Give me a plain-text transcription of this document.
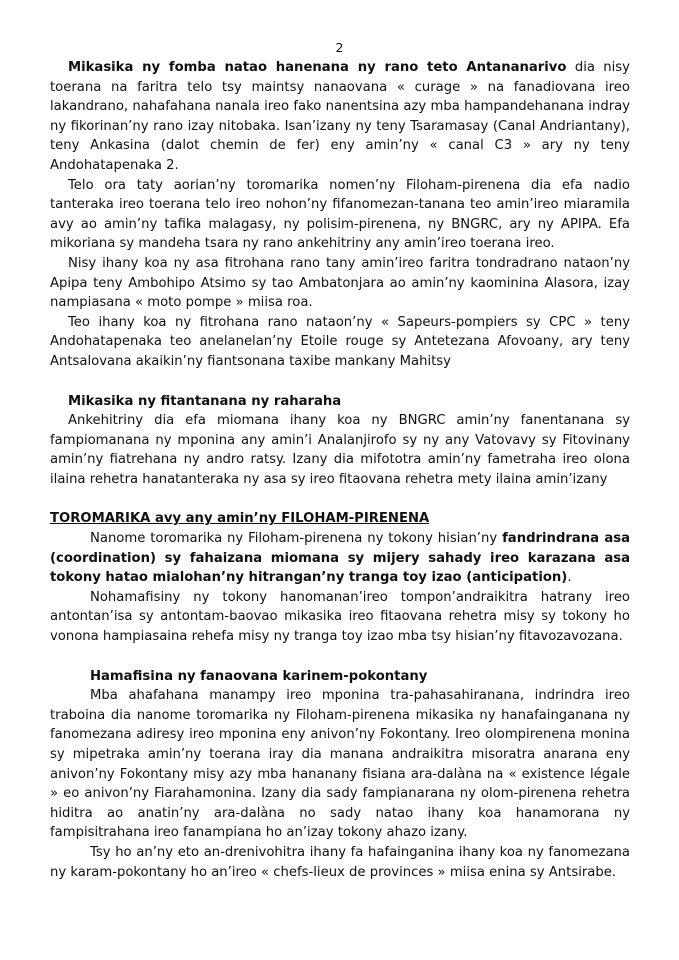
2

Mikasika ny fomba natao hanenana ny rano teto Antananarivo dia nisy toerana na faritra telo tsy maintsy nanaovana « curage » na fanadiovana ireo lakandrano, nahafahana nanala ireo fako nanentsina azy mba hampandehanana indray ny fikorinan’ny rano izay nitobaka. Isan’izany ny teny Tsaramasay (Canal Andriantany), teny Ankasina (dalot chemin de fer) eny amin’ny « canal C3 » ary ny teny Andohatapenaka 2.

Telo ora taty aorian’ny toromarika nomen’ny Filoham-pirenena dia efa nadio tanteraka ireo toerana telo ireo nohon’ny fifanomezan-tanana teo amin’ireo miaramila avy ao amin’ny tafika malagasy, ny polisim-pirenena, ny BNGRC, ary ny APIPA. Efa mikoriana sy mandeha tsara ny rano ankehitriny any amin’ireo toerana ireo.

Nisy ihany koa ny asa fitrohana rano tany amin’ireo faritra tondradrano nataon’ny Apipa teny Ambohipo Atsimo sy tao Ambatonjara ao amin’ny kaominina Alasora, izay nampiasana « moto pompe » miisa roa.

Teo ihany koa ny fitrohana rano nataon’ny « Sapeurs-pompiers sy CPC » teny Andohatapenaka teo anelanelan’ny Etoile rouge sy Antetezana Afovoany, ary teny Antsalovana akaikin’ny fiantsonana taxibe mankany Mahitsy

Mikasika ny fitantanana ny raharaha

Ankehitriny dia efa miomana ihany koa ny BNGRC amin’ny fanentanana sy fampiomanana ny mponina any amin’i Analanjirofo sy ny any Vatovavy sy Fitovinany amin’ny fiatrehana ny andro ratsy. Izany dia mifototra amin’ny fametraha ireo olona ilaina rehetra hanatanteraka ny asa sy ireo fitaovana rehetra mety ilaina amin’izany

TOROMARIKA avy any amin’ny FILOHAM-PIRENENA

Nanome toromarika ny Filoham-pirenena ny tokony hisian’ny fandrindrana asa (coordination) sy fahaizana miomana sy mijery sahady ireo karazana asa tokony hatao mialohan’ny hitrangan’ny tranga toy izao (anticipation).

Nohamafisiny ny tokony hanomanan’ireo tompon’andraikitra hatrany ireo antontan’isa sy antontam-baovao mikasika ireo fitaovana rehetra misy sy tokony ho vonona hampiasaina rehefa misy ny tranga toy izao mba tsy hisian’ny fitavozavozana.

Hamafisina ny fanaovana karinem-pokontany

Mba ahafahana manampy ireo mponina tra-pahasahiranana, indrindra ireo traboina dia nanome toromarika ny Filoham-pirenena mikasika ny hanafainganana ny fanomezana adiresy ireo mponina eny anivon’ny Fokontany. Ireo olompirenena monina sy mipetraka amin’ny toerana iray dia manana andraikitra misoratra anarana eny anivon’ny Fokontany misy azy mba hananany fisiana ara-dalàna na « existence légale » eo anivon’ny Fiarahamonina. Izany dia sady fampianarana ny olom-pirenena rehetra hiditra ao anatin’ny ara-dalàna no sady natao ihany koa hanamorana ny fampisitrahana ireo fanampiana ho an’izay tokony ahazo izany.

Tsy ho an’ny eto an-drenivohitra ihany fa hafainganina ihany koa ny fanomezana ny karam-pokontany ho an’ireo « chefs-lieux de provinces » miisa enina sy Antsirabe.
